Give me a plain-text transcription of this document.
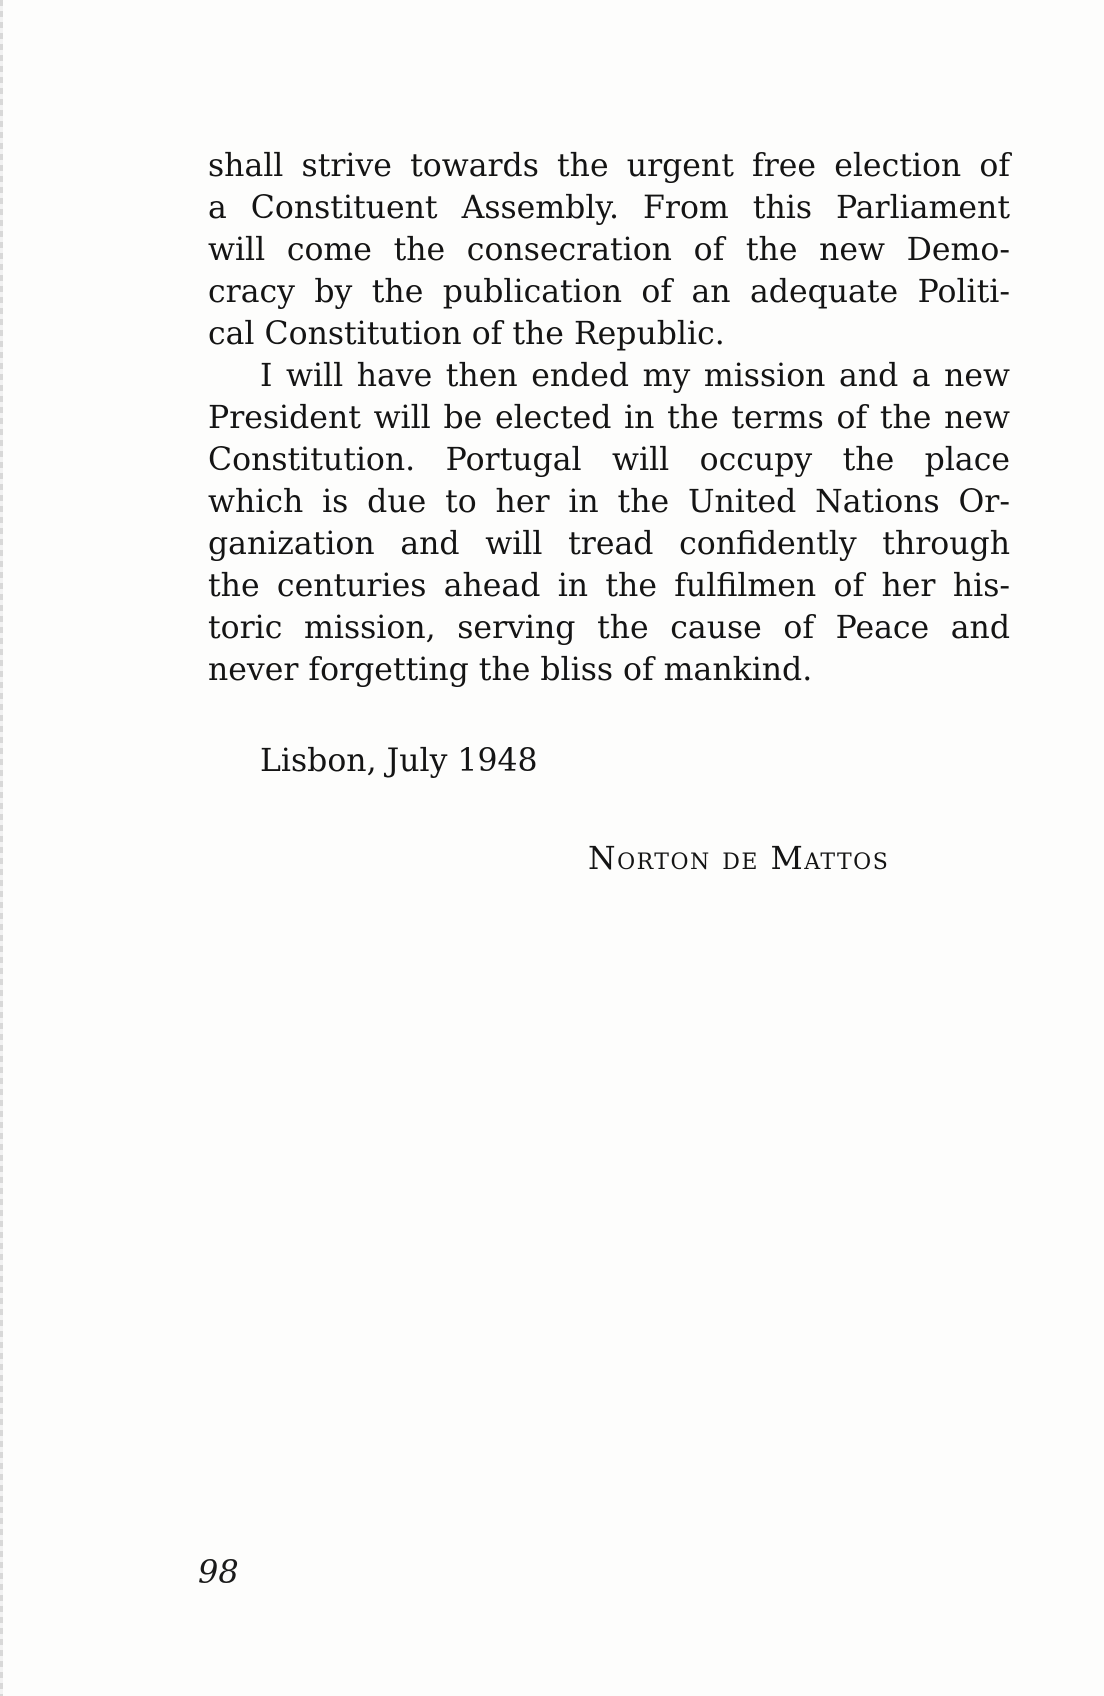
shall strive towards the urgent free election of
a Constituent Assembly. From this Parliament
will come the consecration of the new Demo-
cracy by the publication of an adequate Politi-
cal Constitution of the Republic.
I will have then ended my mission and a new
President will be elected in the terms of the new
Constitution. Portugal will occupy the place
which is due to her in the United Nations Or-
ganization and will tread confidently through
the centuries ahead in the fulfilmen of her his-
toric mission, serving the cause of Peace and
never forgetting the bliss of mankind.

Lisbon, July 1948

Norton de Mattos

98
